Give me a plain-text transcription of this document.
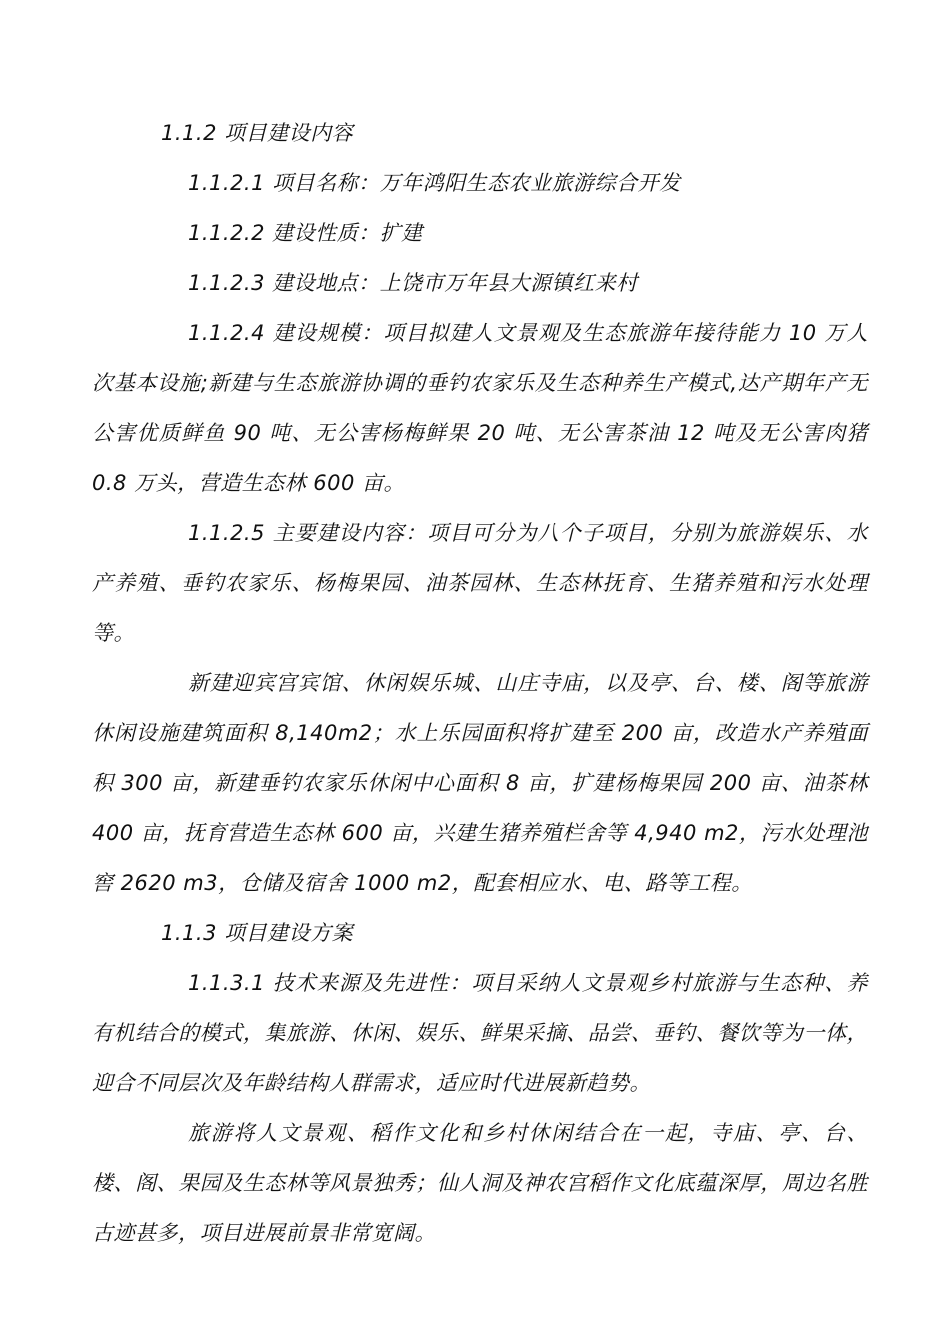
1.1.2 项目建设内容

1.1.2.1 项目名称：万年鸿阳生态农业旅游综合开发

1.1.2.2 建设性质：扩建

1.1.2.3 建设地点：上饶市万年县大源镇红来村

1.1.2.4 建设规模：项目拟建人文景观及生态旅游年接待能力 10 万人次基本设施;新建与生态旅游协调的垂钓农家乐及生态种养生产模式,达产期年产无公害优质鲜鱼 90 吨、无公害杨梅鲜果 20 吨、无公害茶油 12 吨及无公害肉猪 0.8 万头，营造生态林 600 亩。

1.1.2.5 主要建设内容：项目可分为八个子项目，分别为旅游娱乐、水产养殖、垂钓农家乐、杨梅果园、油茶园林、生态林抚育、生猪养殖和污水处理等。

新建迎宾宫宾馆、休闲娱乐城、山庄寺庙，以及亭、台、楼、阁等旅游休闲设施建筑面积 8,140m2；水上乐园面积将扩建至 200 亩，改造水产养殖面积 300 亩，新建垂钓农家乐休闲中心面积 8 亩，扩建杨梅果园 200 亩、油茶林 400 亩，抚育营造生态林 600 亩，兴建生猪养殖栏舍等 4,940 m2，污水处理池窖 2620 m3，仓储及宿舍 1000 m2，配套相应水、电、路等工程。

1.1.3 项目建设方案

1.1.3.1 技术来源及先进性：项目采纳人文景观乡村旅游与生态种、养有机结合的模式，集旅游、休闲、娱乐、鲜果采摘、品尝、垂钓、餐饮等为一体，迎合不同层次及年龄结构人群需求，适应时代进展新趋势。

旅游将人文景观、稻作文化和乡村休闲结合在一起，寺庙、亭、台、楼、阁、果园及生态林等风景独秀；仙人洞及神农宫稻作文化底蕴深厚，周边名胜古迹甚多，项目进展前景非常宽阔。
